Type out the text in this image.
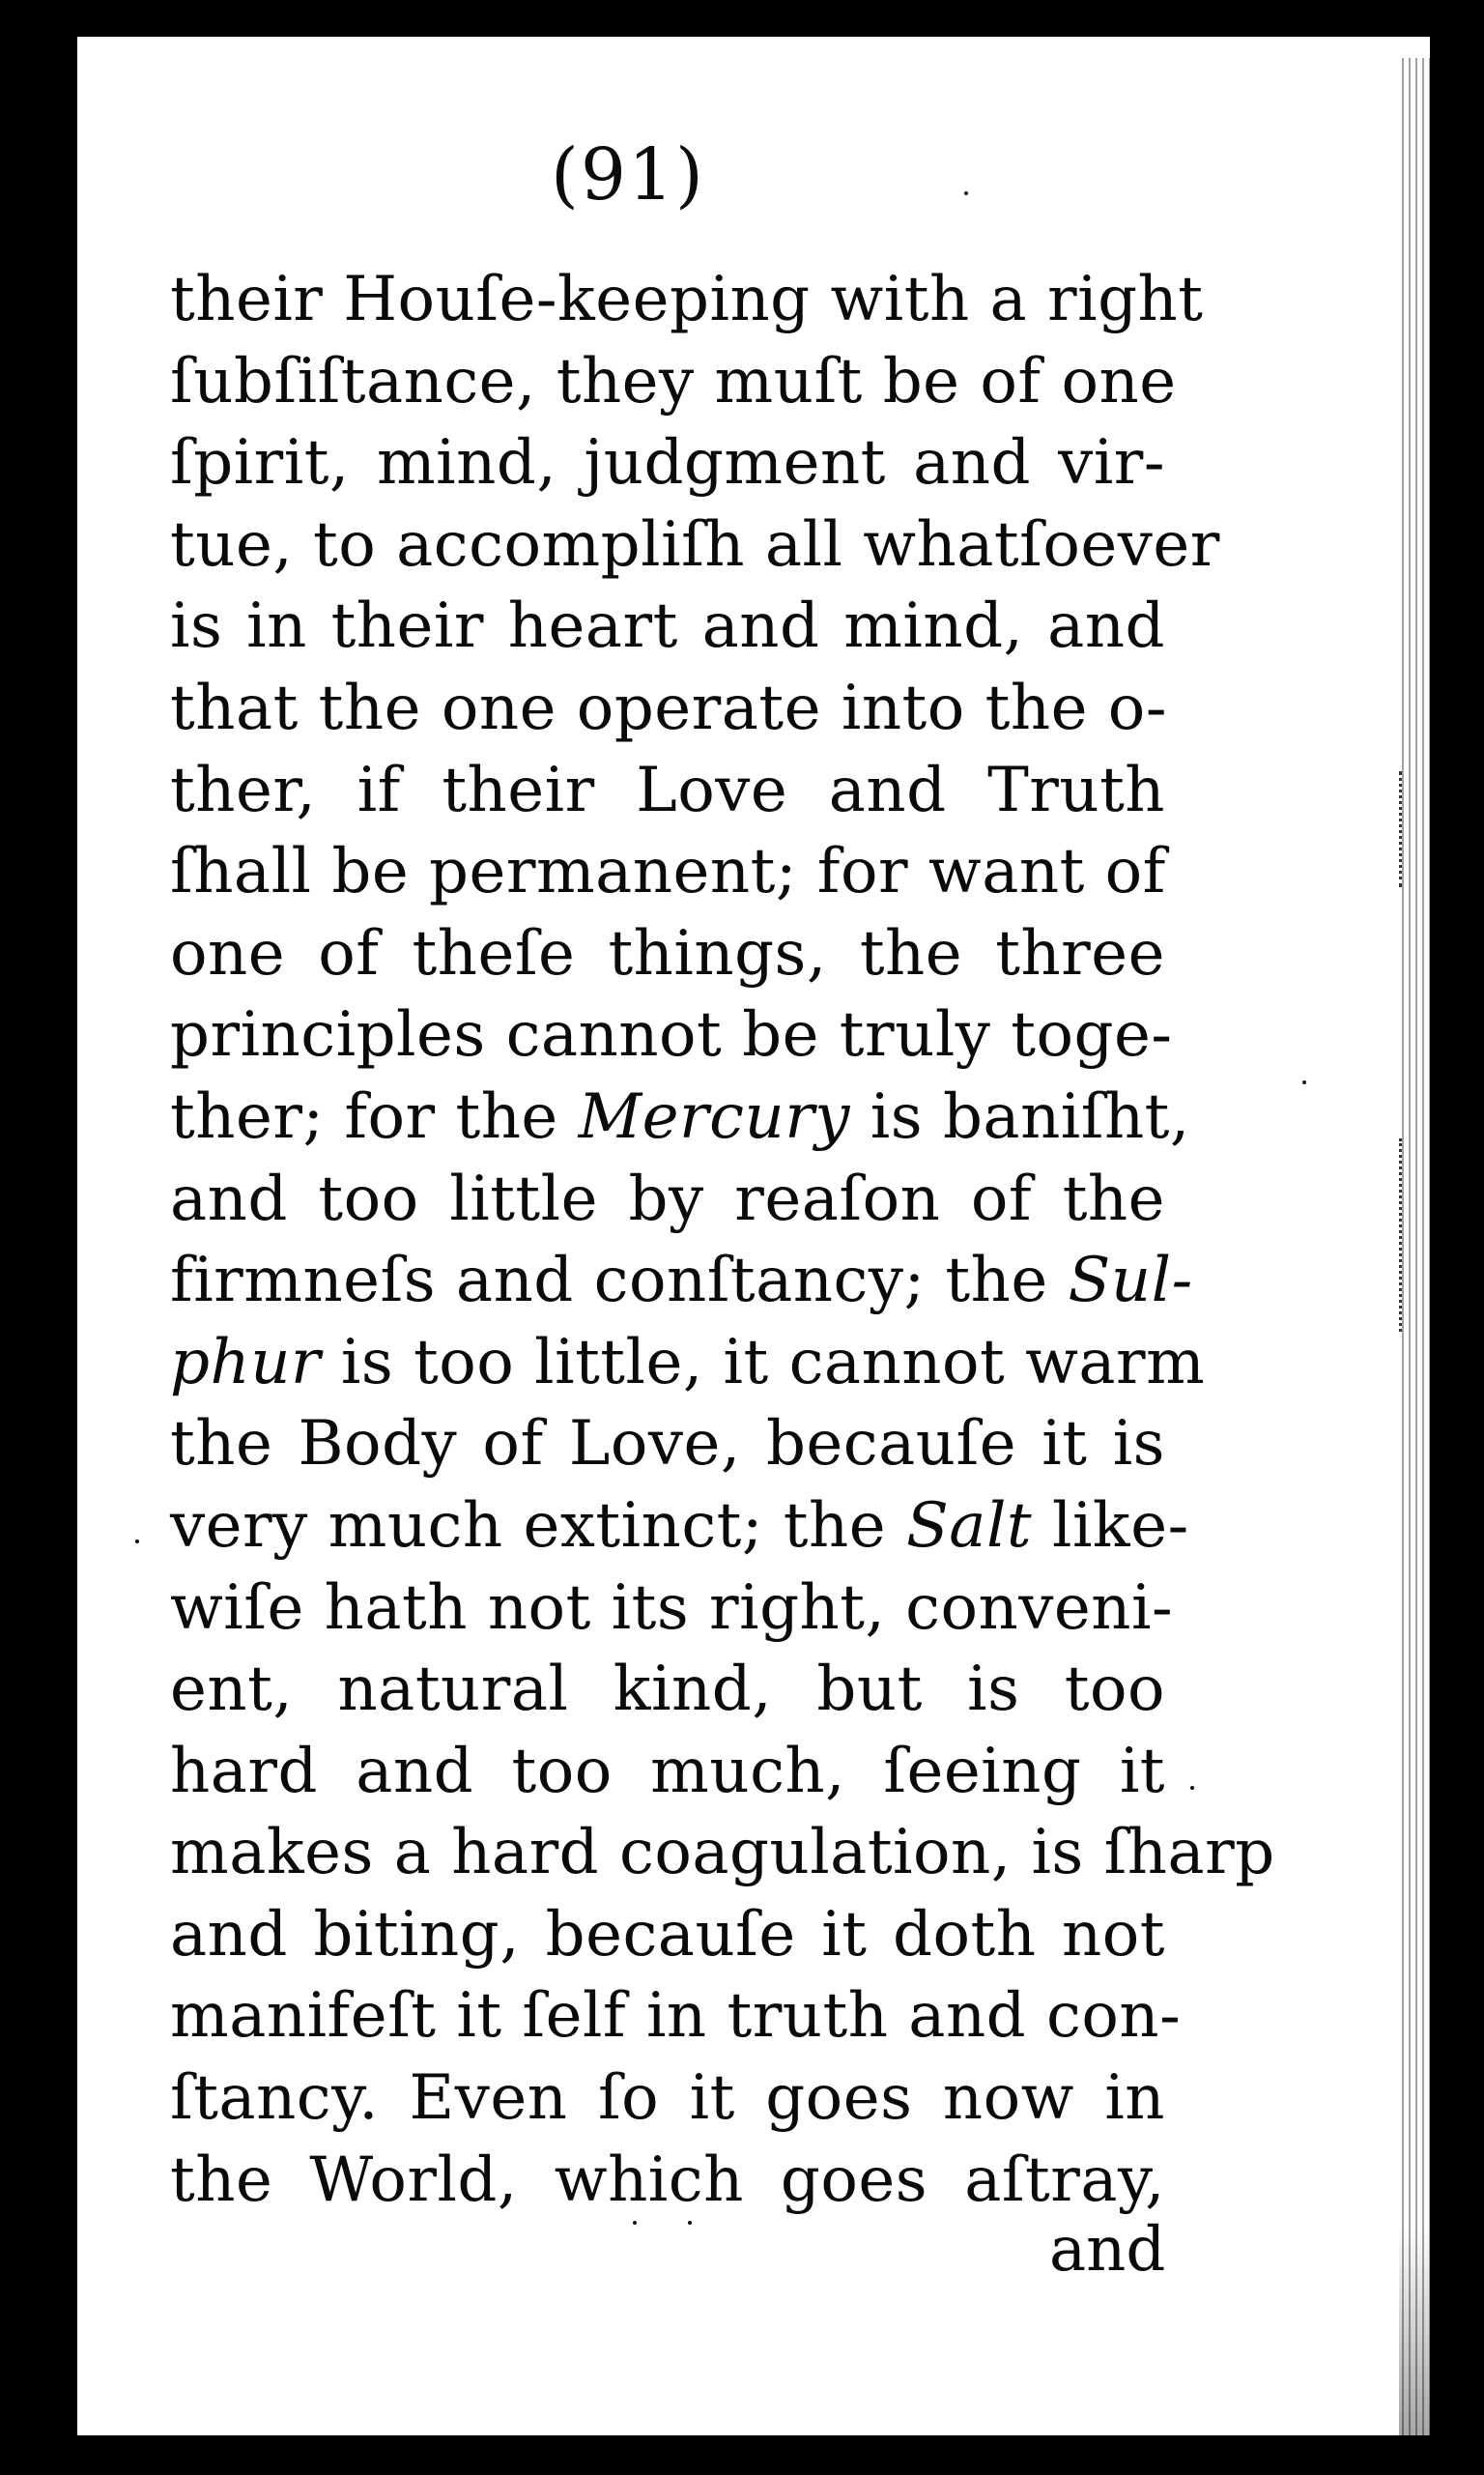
(91)
their Houſe-keeping with a right
ſubſiſtance, they muſt be of one
ſpirit, mind, judgment and vir-
tue, to accompliſh all whatſoever
is in their heart and mind, and
that the one operate into the o-
ther, if their Love and Truth
ſhall be permanent; for want of
one of theſe things, the three
principles cannot be truly toge-
ther; for the Mercury is baniſht,
and too little by reaſon of the
firmneſs and conſtancy; the Sul-
phur is too little, it cannot warm
the Body of Love, becauſe it is
very much extinct; the Salt like-
wiſe hath not its right, conveni-
ent, natural kind, but is too
hard and too much, ſeeing it
makes a hard coagulation, is ſharp
and biting, becauſe it doth not
manifeſt it ſelf in truth and con-
ſtancy. Even ſo it goes now in
the World, which goes aſtray,
and
